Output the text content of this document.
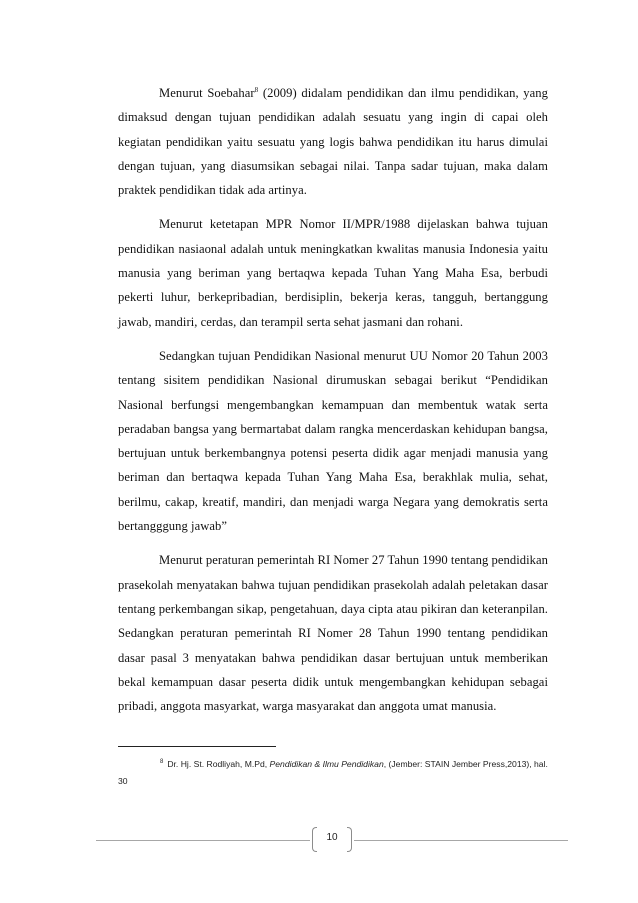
Menurut Soebahar$^8$ (2009) didalam pendidikan dan ilmu pendidikan, yang dimaksud dengan tujuan pendidikan adalah sesuatu yang ingin di capai oleh kegiatan pendidikan yaitu sesuatu yang logis bahwa pendidikan itu harus dimulai dengan tujuan, yang diasumsikan sebagai nilai. Tanpa sadar tujuan, maka dalam praktek pendidikan tidak ada artinya.

Menurut ketetapan MPR Nomor II/MPR/1988 dijelaskan bahwa tujuan pendidikan nasiaonal adalah untuk meningkatkan kwalitas manusia Indonesia yaitu manusia yang beriman yang bertaqwa kepada Tuhan Yang Maha Esa, berbudi pekerti luhur, berkepribadian, berdisiplin, bekerja keras, tangguh, bertanggung jawab, mandiri, cerdas, dan terampil serta sehat jasmani dan rohani.

Sedangkan tujuan Pendidikan Nasional menurut UU Nomor 20 Tahun 2003 tentang sisitem pendidikan Nasional dirumuskan sebagai berikut “Pendidikan Nasional berfungsi mengembangkan kemampuan dan membentuk watak serta peradaban bangsa yang bermartabat dalam rangka mencerdaskan kehidupan bangsa, bertujuan untuk berkembangnya potensi peserta didik agar menjadi manusia yang beriman dan bertaqwa kepada Tuhan Yang Maha Esa, berakhlak mulia, sehat, berilmu, cakap, kreatif, mandiri, dan menjadi warga Negara yang demokratis serta bertangggung jawab”

Menurut peraturan pemerintah RI Nomer 27 Tahun 1990 tentang pendidikan prasekolah menyatakan bahwa tujuan pendidikan prasekolah adalah peletakan dasar tentang perkembangan sikap, pengetahuan, daya cipta atau pikiran dan keteranpilan. Sedangkan peraturan pemerintah RI Nomer 28 Tahun 1990 tentang pendidikan dasar pasal 3 menyatakan bahwa pendidikan dasar bertujuan untuk memberikan bekal kemampuan dasar peserta didik untuk mengembangkan kehidupan sebagai pribadi, anggota masyarkat, warga masyarakat dan anggota umat manusia.

$^8$ Dr. Hj. St. Rodliyah, M.Pd, Pendidikan & Ilmu Pendidikan, (Jember: STAIN Jember Press,2013), hal. 30
10
